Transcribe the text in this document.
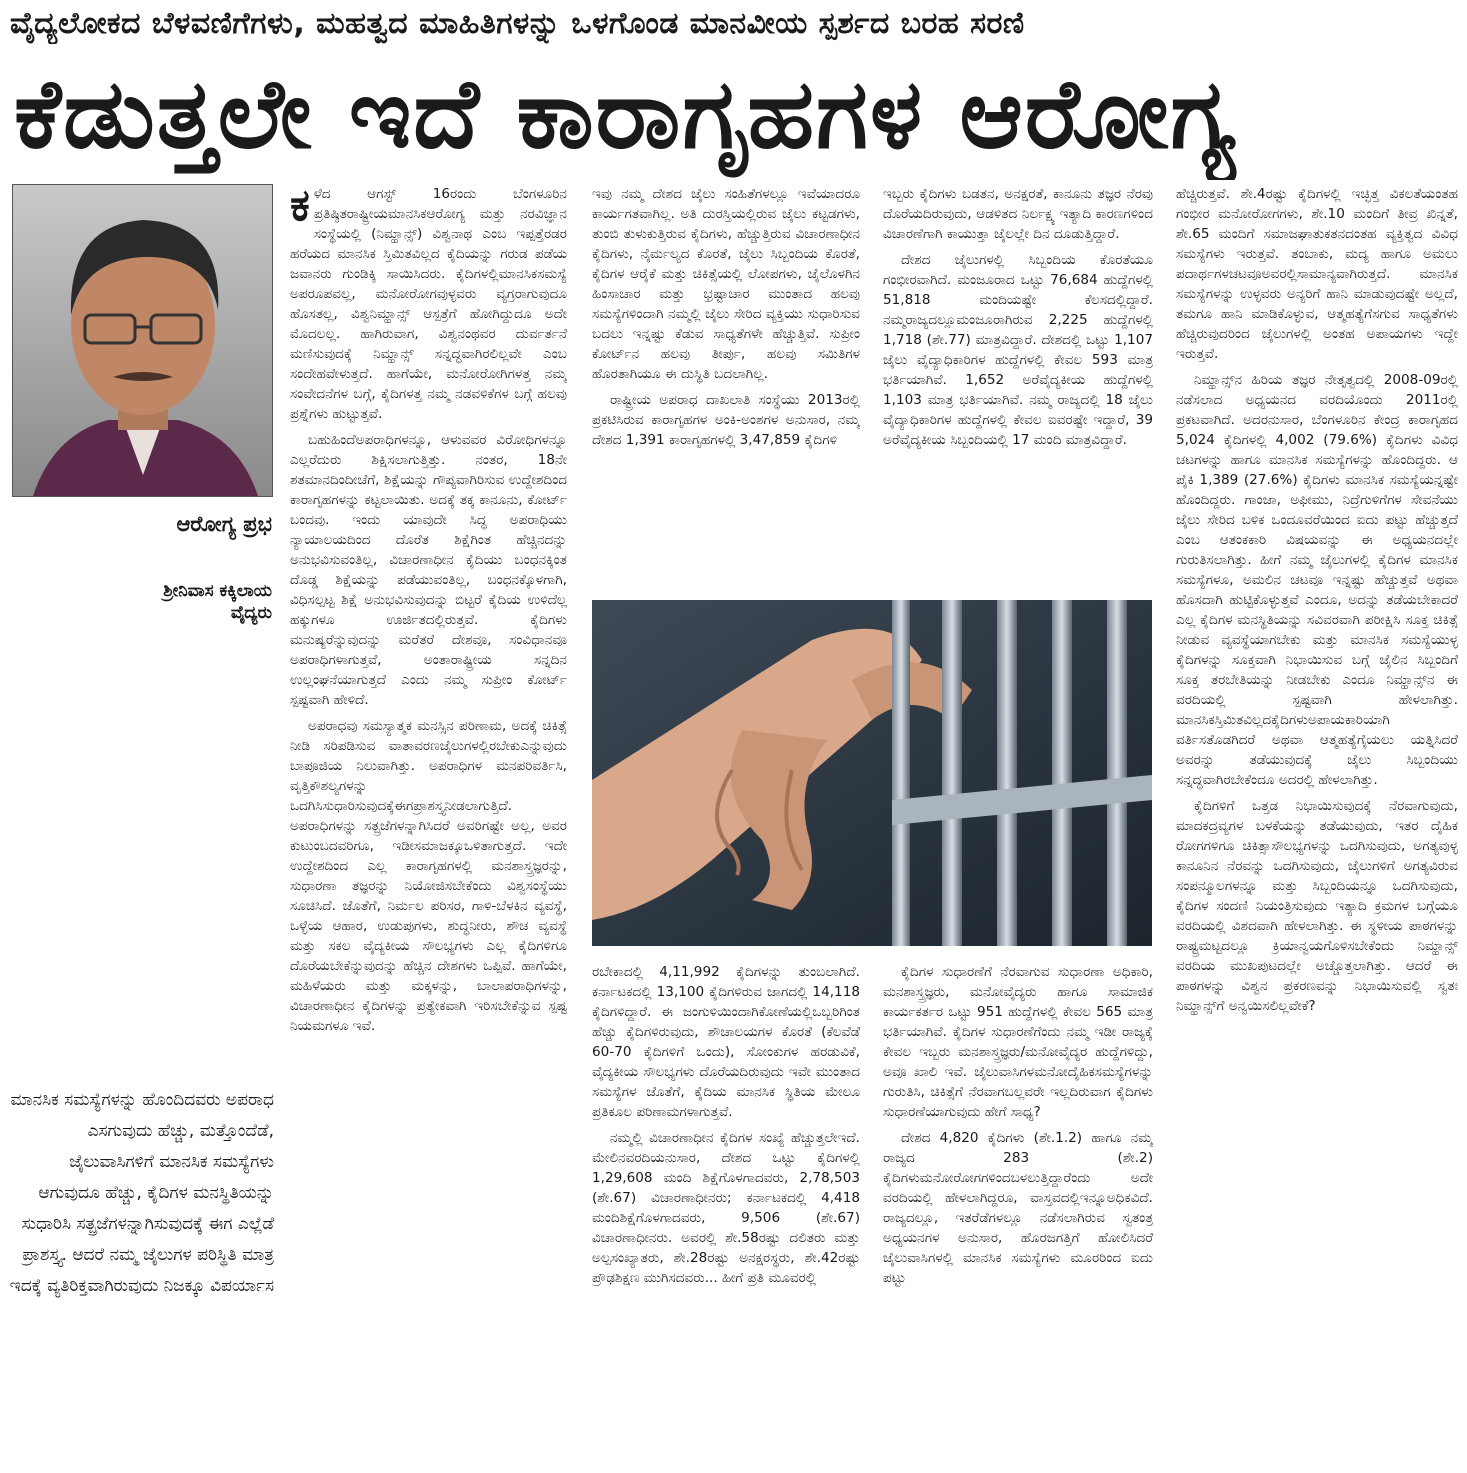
ವೈದ್ಯಲೋಕದ ಬೆಳವಣಿಗೆಗಳು, ಮಹತ್ವದ ಮಾಹಿತಿಗಳನ್ನು ಒಳಗೊಂಡ ಮಾನವೀಯ ಸ್ಪರ್ಶದ ಬರಹ ಸರಣಿ
ಕೆಡುತ್ತಲೇ ಇದೆ ಕಾರಾಗೃಹಗಳ ಆರೋಗ್ಯ
ಆರೋಗ್ಯ ಪ್ರಭ
ಶ್ರೀನಿವಾಸ ಕಕ್ಕಿಲಾಯ
ವೈದ್ಯರು
ಮಾನಸಿಕ ಸಮಸ್ಯೆಗಳನ್ನು ಹೊಂದಿದವರು ಅಪರಾಧ ಎಸಗುವುದು ಹೆಚ್ಚು, ಮತ್ತೊಂದೆಡೆ, ಜೈಲುವಾಸಿಗಳಿಗೆ ಮಾನಸಿಕ ಸಮಸ್ಯೆಗಳು ಆಗುವುದೂ ಹೆಚ್ಚು, ಕೈದಿಗಳ ಮನಸ್ಥಿತಿಯನ್ನು ಸುಧಾರಿಸಿ ಸತ್ಪ್ರಜೆಗಳನ್ನಾಗಿಸುವುದಕ್ಕೆ ಈಗ ಎಲ್ಲೆಡೆ ಪ್ರಾಶಸ್ತ್ಯ. ಆದರೆ ನಮ್ಮ ಜೈಲುಗಳ ಪರಿಸ್ಥಿತಿ ಮಾತ್ರ ಇದಕ್ಕೆ ವ್ಯತಿರಿಕ್ತವಾಗಿರುವುದು ನಿಜಕ್ಕೂ ವಿಪರ್ಯಾಸ

ಕಳೆದ ಆಗಸ್ಟ್ 16ರಂದು ಬೆಂಗಳೂರಿನ ಪ್ರತಿಷ್ಠಿತರಾಷ್ಟ್ರೀಯಮಾನಸಿಕಆರೋಗ್ಯ ಮತ್ತು ನರವಿಜ್ಞಾನ ಸಂಸ್ಥೆಯಲ್ಲಿ (ನಿಮ್ಹಾನ್ಸ್) ವಿಶ್ವನಾಥ ಎಂಬ ಇಪ್ಪತ್ತೆರಡರ ಹರೆಯದ ಮಾನಸಿಕ ಸ್ತಿಮಿತವಿಲ್ಲದ ಕೈದಿಯನ್ನು ಗರುಡ ಪಡೆಯ ಜವಾನರು ಗುಂಡಿಕ್ಕಿ ಸಾಯಿಸಿದರು. ಕೈದಿಗಳಲ್ಲಿಮಾನಸಿಕಸಮಸ್ಯೆ ಅಪರೂಪವಲ್ಲ, ಮನೋರೋಗವುಳ್ಳವರು ವ್ಯಗ್ರರಾಗುವುದೂ ಹೊಸತಲ್ಲ, ವಿಶ್ವನಿಮ್ಹಾನ್ಸ್ ಆಸ್ಪತ್ರೆಗೆ ಹೋಗಿದ್ದುದೂ ಅದೇ ಮೊದಲಲ್ಲ. ಹಾಗಿರುವಾಗ, ವಿಶ್ವನಂಥವರ ದುರ್ವರ್ತನೆ ಮಣಿಸುವುದಕ್ಕೆ ನಿಮ್ಹಾನ್ಸ್ ಸನ್ನದ್ಧವಾಗಿರಲಿಲ್ಲವೇ ಎಂಬ ಸಂದೇಹವೇಳುತ್ತದೆ. ಹಾಗೆಯೇ, ಮನೋರೋಗಿಗಳತ್ತ ನಮ್ಮ ಸಂವೇದನೆಗಳ ಬಗ್ಗೆ, ಕೈದಿಗಳತ್ತ ನಮ್ಮ ನಡವಳಿಕೆಗಳ ಬಗ್ಗೆ ಹಲವು ಪ್ರಶ್ನೆಗಳು ಹುಟ್ಟುತ್ತವೆ.

ಬಹುಹಿಂದೆಅಪರಾಧಿಗಳನ್ನೂ, ಆಳುವವರ ವಿರೋಧಿಗಳನ್ನೂ ಎಲ್ಲರೆದುರು ಶಿಕ್ಷಿಸಲಾಗುತ್ತಿತ್ತು. ನಂತರ, 18ನೇ ಶತಮಾನದಿಂದೀಚೆಗೆ, ಶಿಕ್ಷೆಯನ್ನು ಗೌಪ್ಯವಾಗಿರಿಸುವ ಉದ್ದೇಶದಿಂದ ಕಾರಾಗೃಹಗಳನ್ನು ಕಟ್ಟಲಾಯಿತು. ಅದಕ್ಕೆ ತಕ್ಕ ಕಾನೂನು, ಕೋರ್ಟ್ ಬಂದವು. ಇಂದು ಯಾವುದೇ ಸಿದ್ಧ ಅಪರಾಧಿಯು ನ್ಯಾಯಾಲಯದಿಂದ ದೊರೆತ ಶಿಕ್ಷೆಗಿಂತ ಹೆಚ್ಚಿನದನ್ನು ಅನುಭವಿಸುವಂತಿಲ್ಲ, ವಿಚಾರಣಾಧೀನ ಕೈದಿಯು ಬಂಧನಕ್ಕಿಂತ ದೊಡ್ಡ ಶಿಕ್ಷೆಯನ್ನು ಪಡೆಯುವಂತಿಲ್ಲ, ಬಂಧನಕ್ಕೊಳಗಾಗಿ, ವಿಧಿಸಲ್ಪಟ್ಟ ಶಿಕ್ಷೆ ಅನುಭವಿಸುವುದನ್ನು ಬಿಟ್ಟರೆ ಕೈದಿಯ ಉಳಿದೆಲ್ಲ ಹಕ್ಕುಗಳೂ ಊರ್ಜಿತದಲ್ಲಿರುತ್ತವೆ. ಕೈದಿಗಳು ಮನುಷ್ಯರೆನ್ನುವುದನ್ನು ಮರೆತರೆ ದೇಶವೂ, ಸಂವಿಧಾನವೂ ಅಪರಾಧಿಗಳಾಗುತ್ತವೆ, ಅಂತಾರಾಷ್ಟ್ರೀಯ ಸನ್ನದಿನ ಉಲ್ಲಂಘನೆಯಾಗುತ್ತದೆ ಎಂದು ನಮ್ಮ ಸುಪ್ರೀಂ ಕೋರ್ಟ್ ಸ್ಪಷ್ಟವಾಗಿ ಹೇಳಿದೆ.

ಅಪರಾಧವು ಸಮಸ್ಯಾತ್ಮಕ ಮನಸ್ಸಿನ ಪರಿಣಾಮ, ಅದಕ್ಕೆ ಚಿಕಿತ್ಸೆ ನೀಡಿ ಸರಿಪಡಿಸುವ ವಾತಾವರಣಜೈಲುಗಳಲ್ಲಿರಬೇಕುಎನ್ನುವುದು ಬಾಪೂಜಿಯ ನಿಲುವಾಗಿತ್ತು. ಅಪರಾಧಿಗಳ ಮನಪರಿವರ್ತಿಸಿ, ವೃತ್ತಿಕೌಶಲ್ಯಗಳನ್ನು ಒದಗಿಸಿಸುಧಾರಿಸುವುದಕ್ಕೆಈಗಪ್ರಾಶಸ್ತ್ಯನೀಡಲಾಗುತ್ತಿದೆ. ಅಪರಾಧಿಗಳನ್ನು ಸತ್ಪ್ರಜೆಗಳನ್ನಾಗಿಸಿದರೆ ಅವರಿಗಷ್ಟೇ ಅಲ್ಲ, ಅವರ ಕುಟುಂಬದವರಿಗೂ, ಇಡೀಸಮಾಜಕ್ಕೂಒಳಿತಾಗುತ್ತದೆ. ಇದೇ ಉದ್ದೇಶದಿಂದ ಎಲ್ಲ ಕಾರಾಗೃಹಗಳಲ್ಲಿ ಮನಶಾಸ್ತ್ರಜ್ಞರನ್ನು, ಸುಧಾರಣಾ ತಜ್ಞರನ್ನು ನಿಯೋಜಿಸಬೇಕೆಂದು ವಿಶ್ವಸಂಸ್ಥೆಯು ಸೂಚಿಸಿದೆ. ಜೊತೆಗೆ, ನಿರ್ಮಲ ಪರಿಸರ, ಗಾಳಿ-ಬೆಳಕಿನ ವ್ಯವಸ್ಥೆ, ಒಳ್ಳೆಯ ಆಹಾರ, ಉಡುಪುಗಳು, ಶುದ್ಧನೀರು, ಶೌಚ ವ್ಯವಸ್ಥೆ ಮತ್ತು ಸಕಲ ವೈದ್ಯಕೀಯ ಸೌಲಭ್ಯಗಳು ಎಲ್ಲ ಕೈದಿಗಳಿಗೂ ದೊರೆಯಬೇಕೆನ್ನುವುದನ್ನು ಹೆಚ್ಚಿನ ದೇಶಗಳು ಒಪ್ಪಿವೆ. ಹಾಗೆಯೇ, ಮಹಿಳೆಯರು ಮತ್ತು ಮಕ್ಕಳನ್ನು, ಬಾಲಾಪರಾಧಿಗಳನ್ನು, ವಿಚಾರಣಾಧೀನ ಕೈದಿಗಳನ್ನು ಪ್ರತ್ಯೇಕವಾಗಿ ಇರಿಸಬೇಕೆನ್ನುವ ಸ್ಪಷ್ಟ ನಿಯಮಗಳೂ ಇವೆ.

ಇವು ನಮ್ಮ ದೇಶದ ಜೈಲು ಸಂಹಿತೆಗಳಲ್ಲೂ ಇವೆಯಾದರೂ ಕಾರ್ಯಗತವಾಗಿಲ್ಲ. ಅತಿ ದುರಸ್ತಿಯಲ್ಲಿರುವ ಜೈಲು ಕಟ್ಟಡಗಳು, ತುಂಬಿ ತುಳುಕುತ್ತಿರುವ ಕೈದಿಗಳು, ಹೆಚ್ಚುತ್ತಿರುವ ವಿಚಾರಣಾಧೀನ ಕೈದಿಗಳು, ನೈರ್ಮಲ್ಯದ ಕೊರತೆ, ಜೈಲು ಸಿಬ್ಬಂದಿಯ ಕೊರತೆ, ಕೈದಿಗಳ ಆರೈಕೆ ಮತ್ತು ಚಿಕಿತ್ಸೆಯಲ್ಲಿ ಲೋಪಗಳು, ಜೈಲೊಳಗಿನ ಹಿಂಸಾಚಾರ ಮತ್ತು ಭ್ರಷ್ಟಾಚಾರ ಮುಂತಾದ ಹಲವು ಸಮಸ್ಯೆಗಳಿಂದಾಗಿ ನಮ್ಮಲ್ಲಿ ಜೈಲು ಸೇರಿದ ವ್ಯಕ್ತಿಯು ಸುಧಾರಿಸುವ ಬದಲು ಇನ್ನಷ್ಟು ಕೆಡುವ ಸಾಧ್ಯತೆಗಳೇ ಹೆಚ್ಚುತ್ತಿವೆ. ಸುಪ್ರೀಂ ಕೋರ್ಟ್‌ನ ಹಲವು ತೀರ್ಪು, ಹಲವು ಸಮಿತಿಗಳ ಹೊರತಾಗಿಯೂ ಈ ದುಸ್ಥಿತಿ ಬದಲಾಗಿಲ್ಲ.

ರಾಷ್ಟ್ರೀಯ ಅಪರಾಧ ದಾಖಲಾತಿ ಸಂಸ್ಥೆಯು 2013ರಲ್ಲಿ ಪ್ರಕಟಿಸಿರುವ ಕಾರಾಗೃಹಗಳ ಅಂಕಿ-ಅಂಶಗಳ ಅನುಸಾರ, ನಮ್ಮ ದೇಶದ 1,391 ಕಾರಾಗೃಹಗಳಲ್ಲಿ 3,47,859 ಕೈದಿಗಳಿ

ಇಬ್ಬರು ಕೈದಿಗಳು ಬಡತನ, ಅನಕ್ಷರತೆ, ಕಾನೂನು ತಜ್ಞರ ನೆರವು ದೊರೆಯದಿರುವುದು, ಆಡಳಿತದ ನಿರ್ಲಕ್ಷ್ಯ ಇತ್ಯಾದಿ ಕಾರಣಗಳಿಂದ ವಿಚಾರಣೆಗಾಗಿ ಕಾಯುತ್ತಾ ಜೈಲಲ್ಲೇ ದಿನ ದೂಡುತ್ತಿದ್ದಾರೆ.

ದೇಶದ ಜೈಲುಗಳಲ್ಲಿ ಸಿಬ್ಬಂದಿಯ ಕೊರತೆಯೂ ಗಂಭೀರವಾಗಿದೆ. ಮಂಜೂರಾದ ಒಟ್ಟು 76,684 ಹುದ್ದೆಗಳಲ್ಲಿ 51,818 ಮಂದಿಯಷ್ಟೇ ಕೆಲಸದಲ್ಲಿದ್ದಾರೆ. ನಮ್ಮರಾಜ್ಯದಲ್ಲೂಮಂಜೂರಾಗಿರುವ 2,225 ಹುದ್ದೆಗಳಲ್ಲಿ 1,718 (ಶೇ.77) ಮಾತ್ರವಿದ್ದಾರೆ. ದೇಶದಲ್ಲಿ ಒಟ್ಟು 1,107 ಜೈಲು ವೈದ್ಯಾಧಿಕಾರಿಗಳ ಹುದ್ದೆಗಳಲ್ಲಿ ಕೇವಲ 593 ಮಾತ್ರ ಭರ್ತಿಯಾಗಿವೆ. 1,652 ಅರೆವೈದ್ಯಕೀಯ ಹುದ್ದೆಗಳಲ್ಲಿ 1,103 ಮಾತ್ರ ಭರ್ತಿಯಾಗಿವೆ. ನಮ್ಮ ರಾಜ್ಯದಲ್ಲಿ 18 ಜೈಲು ವೈದ್ಯಾಧಿಕಾರಿಗಳ ಹುದ್ದೆಗಳಲ್ಲಿ ಕೇವಲ ಐವರಷ್ಟೇ ಇದ್ದಾರೆ, 39 ಅರೆವೈದ್ಯಕೀಯ ಸಿಬ್ಬಂದಿಯಲ್ಲಿ 17 ಮಂದಿ ಮಾತ್ರವಿದ್ದಾರೆ.

ರಬೇಕಾದಲ್ಲಿ 4,11,992 ಕೈದಿಗಳನ್ನು ತುಂಬಲಾಗಿದೆ. ಕರ್ನಾಟಕದಲ್ಲಿ 13,100 ಕೈದಿಗಳಿರುವ ಜಾಗದಲ್ಲಿ 14,118 ಕೈದಿಗಳಿದ್ದಾರೆ. ಈ ಜಂಗುಳಿಯಿಂದಾಗಿಕೋಣೆಯಲ್ಲಿಒಬ್ಬರಿಗಿಂತ ಹೆಚ್ಚು ಕೈದಿಗಳಿರುವುದು, ಶೌಚಾಲಯಗಳ ಕೊರತೆ (ಕೆಲವೆಡೆ 60-70 ಕೈದಿಗಳಿಗೆ ಒಂದು), ಸೋಂಕುಗಳ ಹರಡುವಿಕೆ, ವೈದ್ಯಕೀಯ ಸೌಲಭ್ಯಗಳು ದೊರೆಯದಿರುವುದು ಇವೇ ಮುಂತಾದ ಸಮಸ್ಯೆಗಳ ಜೊತೆಗೆ, ಕೈದಿಯ ಮಾನಸಿಕ ಸ್ಥಿತಿಯ ಮೇಲೂ ಪ್ರತಿಕೂಲ ಪರಿಣಾಮಗಳಾಗುತ್ತವೆ.

ನಮ್ಮಲ್ಲಿ ವಿಚಾರಣಾಧೀನ ಕೈದಿಗಳ ಸಂಖ್ಯೆ ಹೆಚ್ಚುತ್ತಲೇಇದೆ. ಮೇಲಿನವರದಿಯನುಸಾರ, ದೇಶದ ಒಟ್ಟು ಕೈದಿಗಳಲ್ಲಿ 1,29,608 ಮಂದಿ ಶಿಕ್ಷೆಗೊಳಗಾದವರು, 2,78,503 (ಶೇ.67) ವಿಚಾರಣಾಧೀನರು; ಕರ್ನಾಟಕದಲ್ಲಿ 4,418 ಮಂದಿಶಿಕ್ಷೆಗೊಳಗಾದವರು, 9,506 (ಶೇ.67) ವಿಚಾರಣಾಧೀನರು. ಅವರಲ್ಲಿ ಶೇ.58ರಷ್ಟು ದಲಿತರು ಮತ್ತು ಅಲ್ಪಸಂಖ್ಯಾತರು, ಶೇ.28ರಷ್ಟು ಅನಕ್ಷರಸ್ಥರು, ಶೇ.42ರಷ್ಟು ಪ್ರೌಢಶಿಕ್ಷಣ ಮುಗಿಸದವರು... ಹೀಗೆ ಪ್ರತಿ ಮೂವರಲ್ಲಿ

ಕೈದಿಗಳ ಸುಧಾರಣೆಗೆ ನೆರವಾಗುವ ಸುಧಾರಣಾ ಅಧಿಕಾರಿ, ಮನಶಾಸ್ತ್ರಜ್ಞರು, ಮನೋವೈದ್ಯರು ಹಾಗೂ ಸಾಮಾಜಿಕ ಕಾರ್ಯಕರ್ತರ ಒಟ್ಟು 951 ಹುದ್ದೆಗಳಲ್ಲಿ ಕೇವಲ 565 ಮಾತ್ರ ಭರ್ತಿಯಾಗಿವೆ. ಕೈದಿಗಳ ಸುಧಾರಣೆಗೆಂದು ನಮ್ಮ ಇಡೀ ರಾಜ್ಯಕ್ಕೆ ಕೇವಲ ಇಬ್ಬರು ಮನಶಾಸ್ತ್ರಜ್ಞರು/ಮನೋವೈದ್ಯರ ಹುದ್ದೆಗಳಿದ್ದು, ಅವೂ ಖಾಲಿ ಇವೆ. ಜೈಲುವಾಸಿಗಳಮನೋದೈಹಿಕಸಮಸ್ಯೆಗಳನ್ನು ಗುರುತಿಸಿ, ಚಿಕಿತ್ಸೆಗೆ ನೆರವಾಗಬಲ್ಲವರೇ ಇಲ್ಲದಿರುವಾಗ ಕೈದಿಗಳು ಸುಧಾರಣೆಯಾಗುವುದು ಹೇಗೆ ಸಾಧ್ಯ?

ದೇಶದ 4,820 ಕೈದಿಗಳು (ಶೇ.1.2) ಹಾಗೂ ನಮ್ಮ ರಾಜ್ಯದ 283 (ಶೇ.2) ಕೈದಿಗಳುಮನೋರೋಗಗಳಿಂದಬಳಲುತ್ತಿದ್ದಾರೆಂದು ಅದೇ ವರದಿಯಲ್ಲಿ ಹೇಳಲಾಗಿದ್ದರೂ, ವಾಸ್ತವದಲ್ಲಿಇನ್ನೂಅಧಿಕವಿದೆ. ರಾಜ್ಯದಲ್ಲೂ, ಇತರೆಡೆಗಳಲ್ಲೂ ನಡೆಸಲಾಗಿರುವ ಸ್ವತಂತ್ರ ಅಧ್ಯಯನಗಳ ಅನುಸಾರ, ಹೊರಜಗತ್ತಿಗೆ ಹೋಲಿಸಿದರೆ ಜೈಲುವಾಸಿಗಳಲ್ಲಿ ಮಾನಸಿಕ ಸಮಸ್ಯೆಗಳು ಮೂರರಿಂದ ಐದು ಪಟ್ಟು

ಹೆಚ್ಚಿರುತ್ತವೆ. ಶೇ.4ರಷ್ಟು ಕೈದಿಗಳಲ್ಲಿ ಇಚ್ಛಿತ್ತ ವಿಕಲತೆಯಂತಹ ಗಂಭೀರ ಮನೋರೋಗಗಳು, ಶೇ.10 ಮಂದಿಗೆ ತೀವ್ರ ಖಿನ್ನತೆ, ಶೇ.65 ಮಂದಿಗೆ ಸಮಾಜಘಾತುಕತನದಂತಹ ವ್ಯಕ್ತಿತ್ವದ ವಿವಿಧ ಸಮಸ್ಯೆಗಳು ಇರುತ್ತವೆ. ತಂಬಾಕು, ಮದ್ಯ ಹಾಗೂ ಅಮಲು ಪದಾರ್ಥಗಳಚಟವೂಅವರಲ್ಲಿಸಾಮಾನ್ಯವಾಗಿರುತ್ತದೆ. ಮಾನಸಿಕ ಸಮಸ್ಯೆಗಳನ್ನು ಉಳ್ಳವರು ಅನ್ಯರಿಗೆ ಹಾನಿ ಮಾಡುವುದಷ್ಟೇ ಅಲ್ಲದೆ, ತಮಗೂ ಹಾನಿ ಮಾಡಿಕೊಳ್ಳುವ, ಆತ್ಮಹತ್ಯೆಗೆಸಗುವ ಸಾಧ್ಯತೆಗಳು ಹೆಚ್ಚಿರುವುದರಿಂದ ಜೈಲುಗಳಲ್ಲಿ ಅಂತಹ ಅಪಾಯಗಳು ಇದ್ದೇ ಇರುತ್ತವೆ.

ನಿಮ್ಹಾನ್ಸ್‌ನ ಹಿರಿಯ ತಜ್ಞರ ನೇತೃತ್ವದಲ್ಲಿ 2008-09ರಲ್ಲಿ ನಡೆಸಲಾದ ಅಧ್ಯಯನದ ವರದಿಯೊಂದು 2011ರಲ್ಲಿ ಪ್ರಕಟವಾಗಿದೆ. ಅದರನುಸಾರ, ಬೆಂಗಳೂರಿನ ಕೇಂದ್ರ ಕಾರಾಗೃಹದ 5,024 ಕೈದಿಗಳಲ್ಲಿ 4,002 (79.6%) ಕೈದಿಗಳು ವಿವಿಧ ಚಟಗಳನ್ನು ಹಾಗೂ ಮಾನಸಿಕ ಸಮಸ್ಯೆಗಳನ್ನು ಹೊಂದಿದ್ದರು. ಆ ಪೈಕಿ 1,389 (27.6%) ಕೈದಿಗಳು ಮಾನಸಿಕ ಸಮಸ್ಯೆಯನ್ನಷ್ಟೇ ಹೊಂದಿದ್ದರು. ಗಾಂಜಾ, ಅಫೀಮು, ನಿದ್ರೆಗುಳಿಗೆಗಳ ಸೇವನೆಯು ಜೈಲು ಸೇರಿದ ಬಳಿಕ ಒಂದೂವರೆಯಿಂದ ಐದು ಪಟ್ಟು ಹೆಚ್ಚುತ್ತದೆ ಎಂಬ ಆತಂಕಕಾರಿ ವಿಷಯವನ್ನು ಈ ಅಧ್ಯಯನದಲ್ಲೇ ಗುರುತಿಸಲಾಗಿತ್ತು. ಹೀಗೆ ನಮ್ಮ ಜೈಲುಗಳಲ್ಲಿ ಕೈದಿಗಳ ಮಾನಸಿಕ ಸಮಸ್ಯೆಗಳೂ, ಅಮಲಿನ ಚಟವೂ ಇನ್ನಷ್ಟು ಹೆಚ್ಚುತ್ತವೆ ಅಥವಾ ಹೊಸದಾಗಿ ಹುಟ್ಟಿಕೊಳ್ಳುತ್ತವೆ ಎಂದೂ, ಅದನ್ನು ತಡೆಯಬೇಕಾದರೆ ಎಲ್ಲ ಕೈದಿಗಳ ಮನಸ್ಥಿತಿಯನ್ನು ಸವಿವರವಾಗಿ ಪರೀಕ್ಷಿಸಿ ಸೂಕ್ತ ಚಿಕಿತ್ಸೆ ನೀಡುವ ವ್ಯವಸ್ಥೆಯಾಗಬೇಕು ಮತ್ತು ಮಾನಸಿಕ ಸಮಸ್ಯೆಯುಳ್ಳ ಕೈದಿಗಳನ್ನು ಸೂಕ್ತವಾಗಿ ನಿಭಾಯಿಸುವ ಬಗ್ಗೆ ಜೈಲಿನ ಸಿಬ್ಬಂದಿಗೆ ಸೂಕ್ತ ತರಬೇತಿಯನ್ನು ನೀಡಬೇಕು ಎಂದೂ ನಿಮ್ಹಾನ್ಸ್‌ನ ಈ ವರದಿಯಲ್ಲಿ ಸ್ಪಷ್ಟವಾಗಿ ಹೇಳಲಾಗಿತ್ತು. ಮಾನಸಿಕಸ್ತಿಮಿತವಿಲ್ಲದಕೈದಿಗಳುಅಪಾಯಕಾರಿಯಾಗಿ ವರ್ತಿಸತೊಡಗಿದರೆ ಅಥವಾ ಆತ್ಮಹತ್ಯೆಗೈಯಲು ಯತ್ನಿಸಿದರೆ ಅವರನ್ನು ತಡೆಯುವುದಕ್ಕೆ ಜೈಲು ಸಿಬ್ಬಂದಿಯು ಸನ್ನದ್ಧವಾಗಿರಬೇಕೆಂದೂ ಅದರಲ್ಲಿ ಹೇಳಲಾಗಿತ್ತು.

ಕೈದಿಗಳಿಗೆ ಒತ್ತಡ ನಿಭಾಯಿಸುವುದಕ್ಕೆ ನೆರವಾಗುವುದು, ಮಾದಕದ್ರವ್ಯಗಳ ಬಳಕೆಯನ್ನು ತಡೆಯುವುದು, ಇತರ ದೈಹಿಕ ರೋಗಗಳಿಗೂ ಚಿಕಿತ್ಸಾಸೌಲಭ್ಯಗಳನ್ನು ಒದಗಿಸುವುದು, ಅಗತ್ಯವುಳ್ಳ ಕಾನೂನಿನ ನೆರವನ್ನು ಒದಗಿಸುವುದು, ಜೈಲುಗಳಿಗೆ ಅಗತ್ಯವಿರುವ ಸಂಪನ್ಮೂಲಗಳನ್ನೂ ಮತ್ತು ಸಿಬ್ಬಂದಿಯನ್ನೂ ಒದಗಿಸುವುದು, ಕೈದಿಗಳ ಸಂದಣಿ ನಿಯಂತ್ರಿಸುವುದು ಇತ್ಯಾದಿ ಕ್ರಮಗಳ ಬಗ್ಗೆಯೂ ವರದಿಯಲ್ಲಿ ವಿಶದವಾಗಿ ಹೇಳಲಾಗಿತ್ತು. ಈ ಸ್ಥಳೀಯ ಪಾಠಗಳನ್ನು ರಾಷ್ಟ್ರಮಟ್ಟದಲ್ಲೂ ಕ್ರಿಯಾನ್ವಯಗೊಳಿಸಬೇಕೆಂದು ನಿಮ್ಹಾನ್ಸ್ ವರದಿಯ ಮುಖಪುಟದಲ್ಲೇ ಅಚ್ಚೊತ್ತಲಾಗಿತ್ತು. ಆದರೆ ಈ ಪಾಠಗಳನ್ನು ವಿಶ್ವನ ಪ್ರಕರಣವನ್ನು ನಿಭಾಯಿಸುವಲ್ಲಿ ಸ್ವತಃ ನಿಮ್ಹಾನ್ಸ್‌ಗೆ ಅನ್ವಯಿಸಲಿಲ್ಲವೇಕೆ?
